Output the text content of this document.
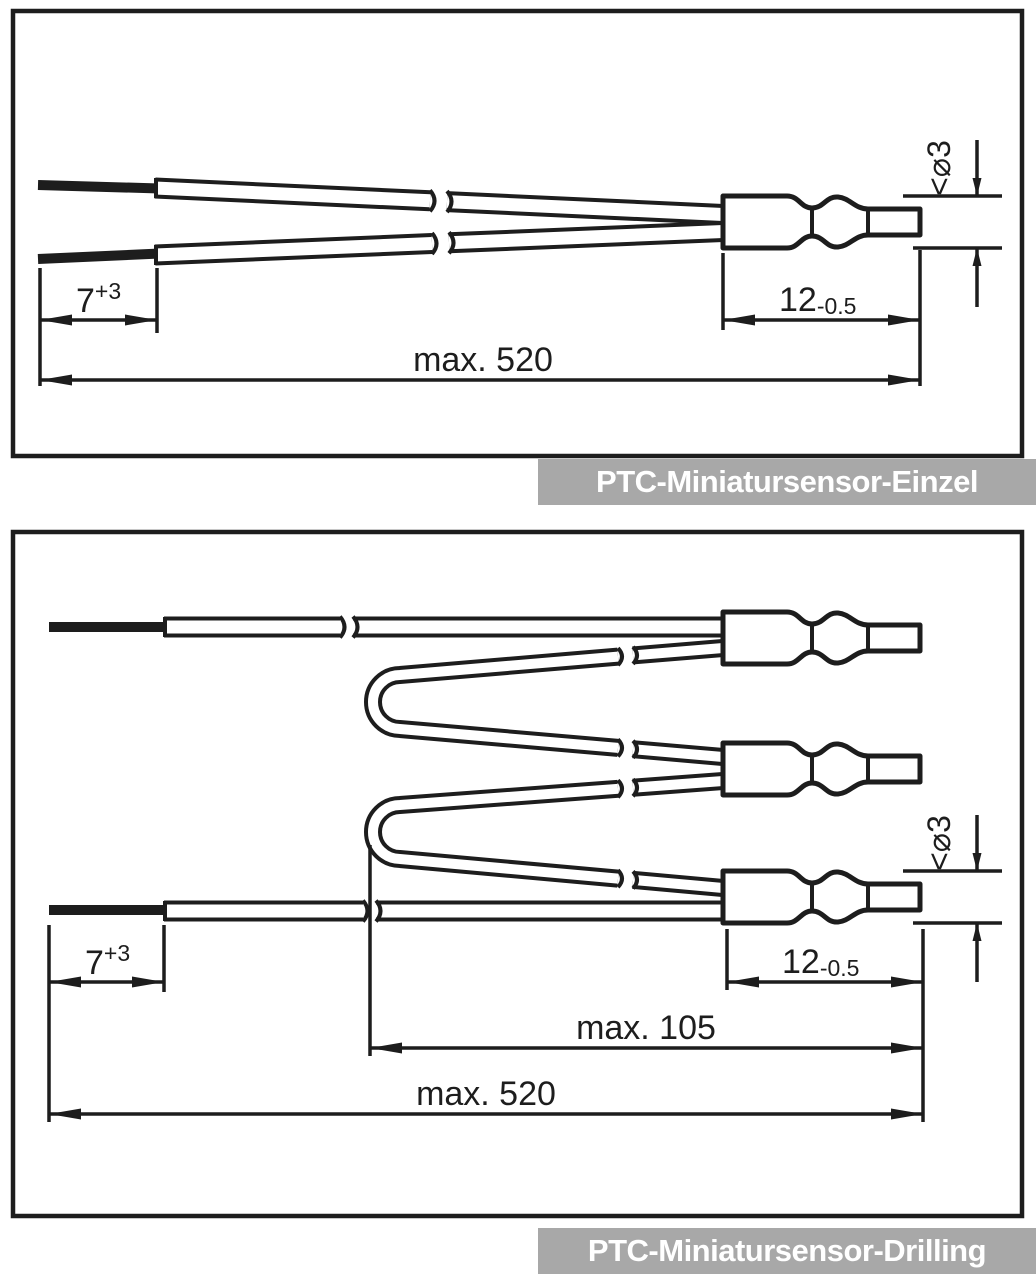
<⌀3
12-0.5
$7^{+3}$
max. 520
<⌀3
12-0.5
$7^{+3}$
max. 105
max. 520
PTC-Miniatursensor-Einzel
PTC-Miniatursensor-Drilling
